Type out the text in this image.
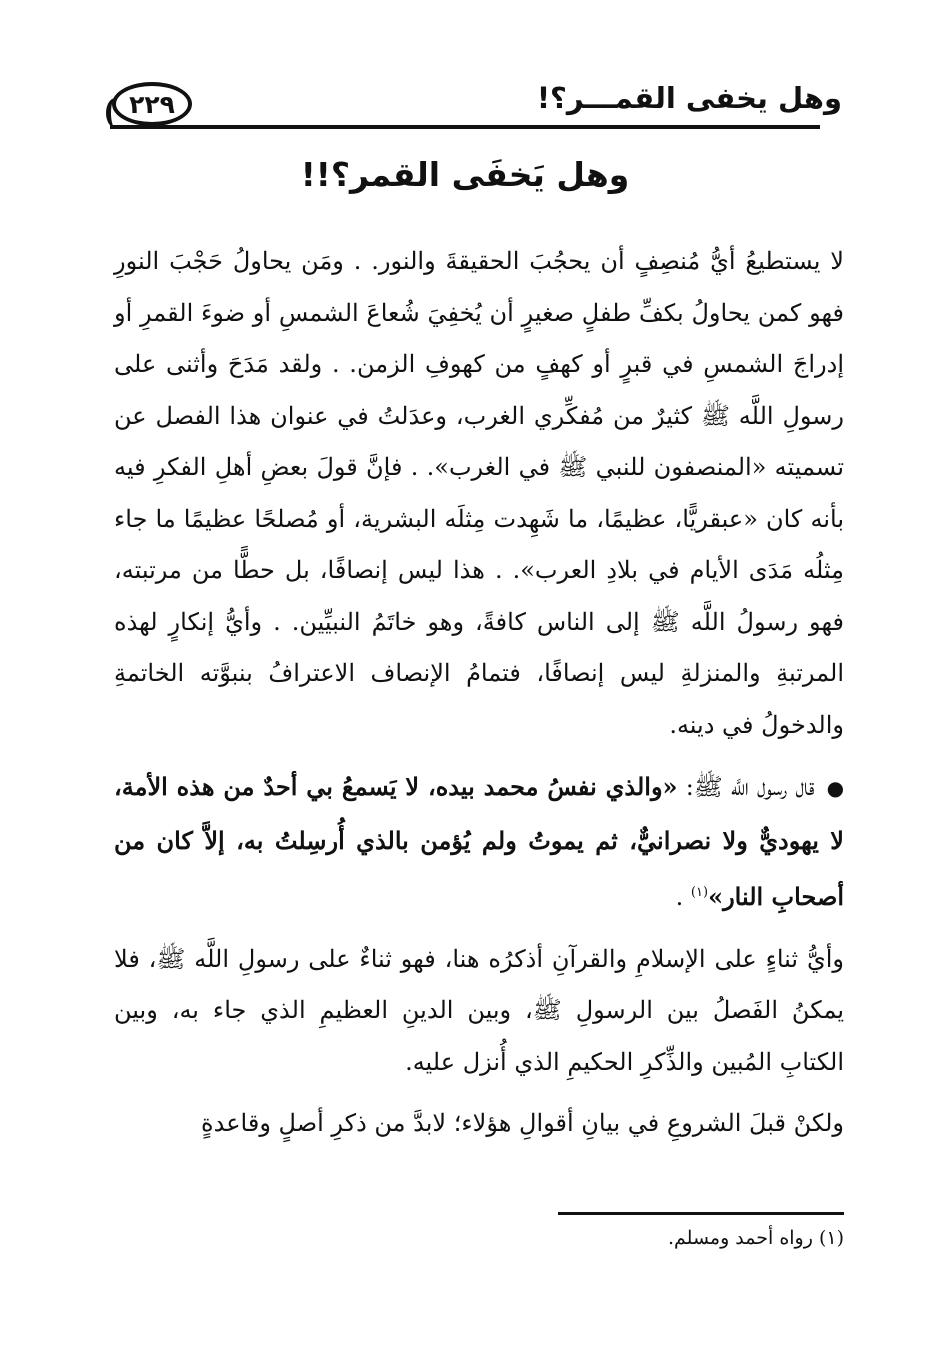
وهل يخفى القمـــر؟!
٢٢٩
وهل يَخفَى القمر؟!!

لا يستطيعُ أيُّ مُنصِفٍ أن يحجُبَ الحقيقةَ والنور. . ومَن يحاولُ حَجْبَ النورِ فهو كمن يحاولُ بكفِّ طفلٍ صغيرٍ أن يُخفِيَ شُعاعَ الشمسِ أو ضوءَ القمرِ أو إدراجَ الشمسِ في قبرٍ أو كهفٍ من كهوفِ الزمن. . ولقد مَدَحَ وأثنى على رسولِ اللَّه ﷺ كثيرٌ من مُفكِّري الغرب، وعدَلتُ في عنوان هذا الفصل عن تسميته «المنصفون للنبي ﷺ في الغرب». . فإنَّ قولَ بعضِ أهلِ الفكرِ فيه بأنه كان «عبقريًّا، عظيمًا، ما شَهِدت مِثلَه البشرية، أو مُصلحًا عظيمًا ما جاء مِثلُه مَدَى الأيام في بلادِ العرب». . هذا ليس إنصافًا، بل حطًّا من مرتبته، فهو رسولُ اللَّه ﷺ إلى الناس كافةً، وهو خاتَمُ النبيِّين. . وأيُّ إنكارٍ لهذه المرتبةِ والمنزلةِ ليس إنصافًا، فتمامُ الإنصاف الاعترافُ بنبوَّته الخاتمةِ والدخولُ في دينه.

● قال رسول اللَّه ﷺ: «والذي نفسُ محمد بيده، لا يَسمعُ بي أحدٌ من هذه الأمة، لا يهوديٌّ ولا نصرانيٌّ، ثم يموتُ ولم يُؤمن بالذي أُرسِلتُ به، إلاَّ كان من أصحابِ النار»$^{(١)}$ .

وأيُّ ثناءٍ على الإسلامِ والقرآنِ أذكرُه هنا، فهو ثناءٌ على رسولِ اللَّه ﷺ، فلا يمكنُ الفَصلُ بين الرسولِ ﷺ، وبين الدينِ العظيمِ الذي جاء به، وبين الكتابِ المُبين والذِّكرِ الحكيمِ الذي أُنزل عليه.

ولكنْ قبلَ الشروعِ في بيانِ أقوالِ هؤلاء؛ لابدَّ من ذكرِ أصلٍ وقاعدةٍ

(١) رواه أحمد ومسلم.
